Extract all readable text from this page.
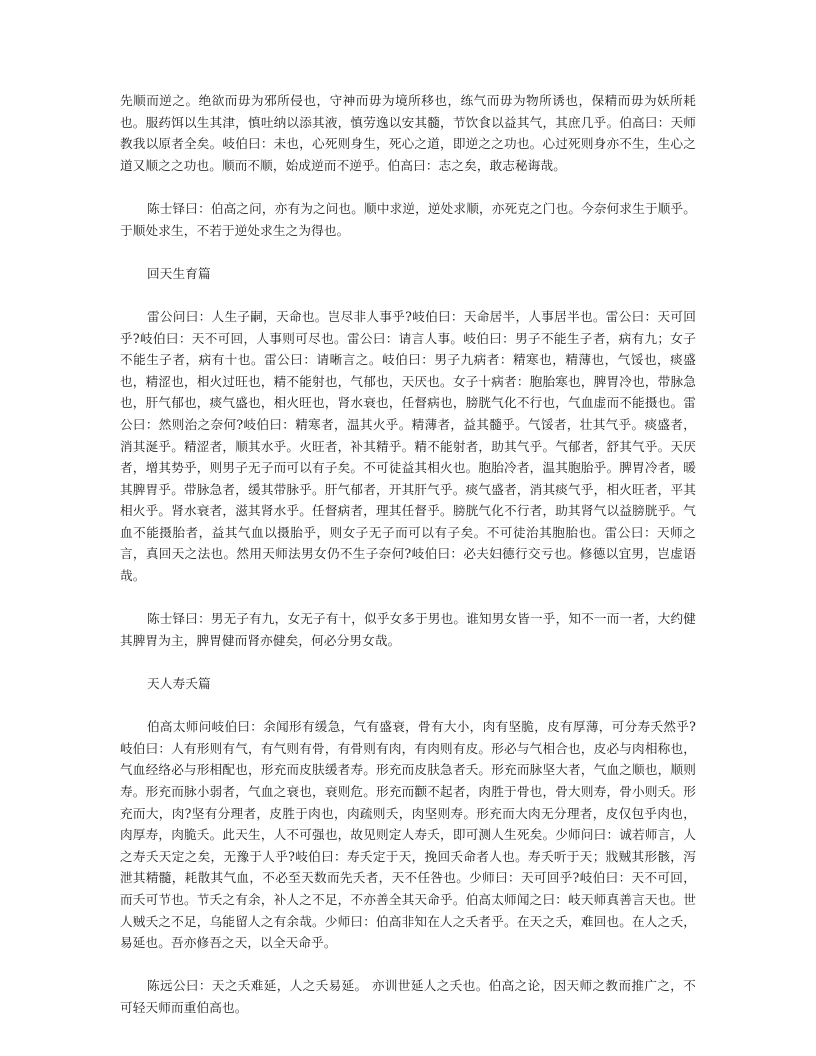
先顺而逆之。绝欲而毋为邪所侵也，守神而毋为境所移也，练气而毋为物所诱也，保精而毋为妖所耗也。服药饵以生其津，慎吐纳以添其液，慎劳逸以安其髓，节饮食以益其气，其庶几乎。伯高曰：天师教我以原者全矣。岐伯曰：未也，心死则身生，死心之道，即逆之之功也。心过死则身亦不生，生心之道又顺之之功也。顺而不顺，始成逆而不逆乎。伯高曰：志之矣，敢志秘诲哉。

陈士铎曰：伯高之问，亦有为之问也。顺中求逆，逆处求顺，亦死克之门也。今奈何求生于顺乎。于顺处求生，不若于逆处求生之为得也。

回天生育篇

雷公问曰：人生子嗣，天命也。岂尽非人事乎?岐伯曰：天命居半，人事居半也。雷公曰：天可回乎?岐伯曰：天不可回，人事则可尽也。雷公曰：请言人事。岐伯曰：男子不能生子者，病有九；女子不能生子者，病有十也。雷公曰：请晰言之。岐伯曰：男子九病者：精寒也，精薄也，气馁也，痰盛也，精涩也，相火过旺也，精不能射也，气郁也，天厌也。女子十病者：胞胎寒也，脾胃冷也，带脉急也，肝气郁也，痰气盛也，相火旺也，肾水衰也，任督病也，膀胱气化不行也，气血虚而不能摄也。雷公曰：然则治之奈何?岐伯曰：精寒者，温其火乎。精薄者，益其髓乎。气馁者，壮其气乎。痰盛者，消其涎乎。精涩者，顺其水乎。火旺者，补其精乎。精不能射者，助其气乎。气郁者，舒其气乎。天厌者，增其势乎，则男子无子而可以有子矣。不可徒益其相火也。胞胎冷者，温其胞胎乎。脾胃冷者，暖其脾胃乎。带脉急者，缓其带脉乎。肝气郁者，开其肝气乎。痰气盛者，消其痰气乎，相火旺者，平其相火乎。肾水衰者，滋其肾水乎。任督病者，理其任督乎。膀胱气化不行者，助其肾气以益膀胱乎。气血不能摄胎者，益其气血以摄胎乎，则女子无子而可以有子矣。不可徒治其胞胎也。雷公曰：天师之言，真回天之法也。然用天师法男女仍不生子奈何?岐伯曰：必夫妇德行交亏也。修德以宜男，岂虚语哉。

陈士铎曰：男无子有九，女无子有十，似乎女多于男也。谁知男女皆一乎，知不一而一者，大约健其脾胃为主，脾胃健而肾亦健矣，何必分男女哉。

天人寿夭篇

伯高太师问岐伯曰：余闻形有缓急，气有盛衰，骨有大小，肉有坚脆，皮有厚薄，可分寿夭然乎?岐伯曰：人有形则有气，有气则有骨，有骨则有肉，有肉则有皮。形必与气相合也，皮必与肉相称也，气血经络必与形相配也，形充而皮肤缓者寿。形充而皮肤急者夭。形充而脉坚大者，气血之顺也，顺则寿。形充而脉小弱者，气血之衰也，衰则危。形充而颧不起者，肉胜于骨也，骨大则寿，骨小则夭。形充而大，肉?坚有分理者，皮胜于肉也，肉疏则夭，肉坚则寿。形充而大肉无分理者，皮仅包乎肉也，肉厚寿，肉脆夭。此天生，人不可强也，故见则定人寿夭，即可测人生死矣。少师问曰：诚若师言，人之寿夭天定之矣，无豫于人乎?岐伯曰：寿夭定于天，挽回夭命者人也。寿夭听于天；戕贼其形骸，泻泄其精髓，耗散其气血，不必至天数而先夭者，天不任咎也。少师曰：天可回乎?岐伯曰：天不可回，而夭可节也。节夭之有余，补人之不足，不亦善全其天命乎。伯高太师闻之曰：岐天师真善言天也。世人贼夭之不足，乌能留人之有余哉。少师曰：伯高非知在人之夭者乎。在天之夭，难回也。在人之夭，易延也。吾亦修吾之天，以全天命乎。

陈远公曰：天之夭难延，人之夭易延。 亦训世延人之夭也。伯高之论，因天师之教而推广之，不可轻天师而重伯高也。
